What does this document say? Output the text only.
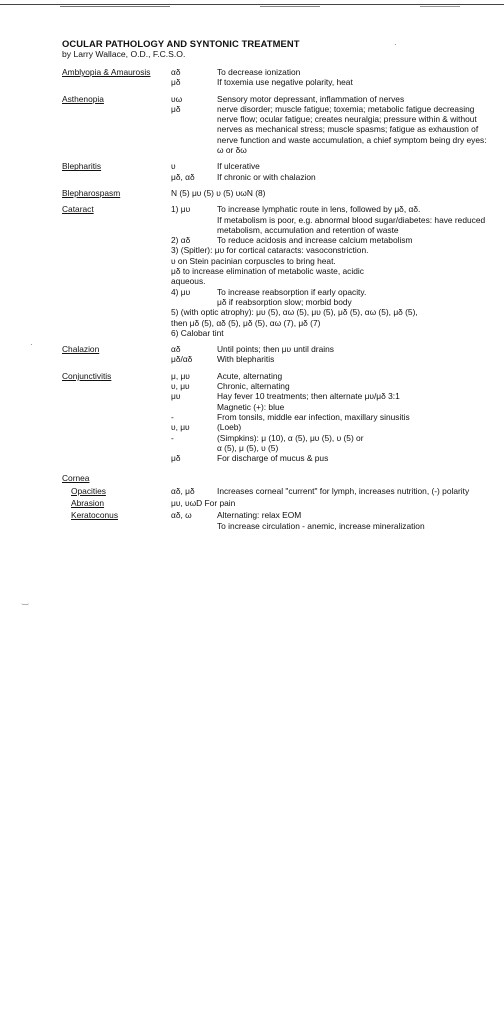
·
·
‿
OCULAR PATHOLOGY AND SYNTONIC TREATMENT
by Larry Wallace, O.D., F.C.S.O.
Amblyopia & Amaurosis	αδ	To decrease ionization
μδ	If toxemia use negative polarity, heat
Asthenopia	υω	Sensory motor depressant, inflammation of nerves
μδ	nerve disorder; muscle fatigue; toxemia; metabolic fatigue decreasing nerve flow; ocular fatigue; creates neuralgia; pressure within & without nerves as mechanical stress; muscle spasms; fatigue as exhaustion of nerve function and waste accumulation, a chief symptom being dry eyes: ω or δω
Blepharitis	υ	If ulcerative
μδ, αδ	If chronic or with chalazion
Blepharospasm	N (5) μυ (5) υ (5) υωN (8)
Cataract	1) μυ	To increase lymphatic route in lens, followed by μδ, αδ.
If metabolism is poor, e.g. abnormal blood sugar/diabetes: have reduced metabolism, accumulation and retention of waste
2) αδ	To reduce acidosis and increase calcium metabolism
3) (Spitler): μυ for cortical cataracts: vasoconstriction.
υ on Stein pacinian corpuscles to bring heat.
μδ to increase elimination of metabolic waste, acidic
aqueous.
4) μυ	To increase reabsorption if early opacity.
μδ if reabsorption slow; morbid body
5) (with optic atrophy): μυ (5), αω (5), μυ (5), μδ (5), αω (5), μδ (5),
then μδ (5), αδ (5), μδ (5), αω (7), μδ (7)
6) Calobar tint
Chalazion	αδ	Until points; then μυ until drains
μδ/αδ	With blepharitis
Conjunctivitis	μ, μυ	Acute, alternating
υ, μυ	Chronic, alternating
μυ	Hay fever 10 treatments; then alternate μυ/μδ 3:1
Magnetic (+): blue
-	From tonsils, middle ear infection, maxillary sinusitis
υ, μυ	(Loeb)
-	(Simpkins): μ (10), α (5), μυ (5), υ (5) or
α (5), μ (5), υ (5)
μδ	For discharge of mucus & pus
Cornea
Opacities	αδ, μδ	Increases corneal "current" for lymph, increases nutrition, (-) polarity
Abrasion	μυ, υωD For pain
Keratoconus	αδ, ω	Alternating: relax EOM
To increase circulation - anemic, increase mineralization
